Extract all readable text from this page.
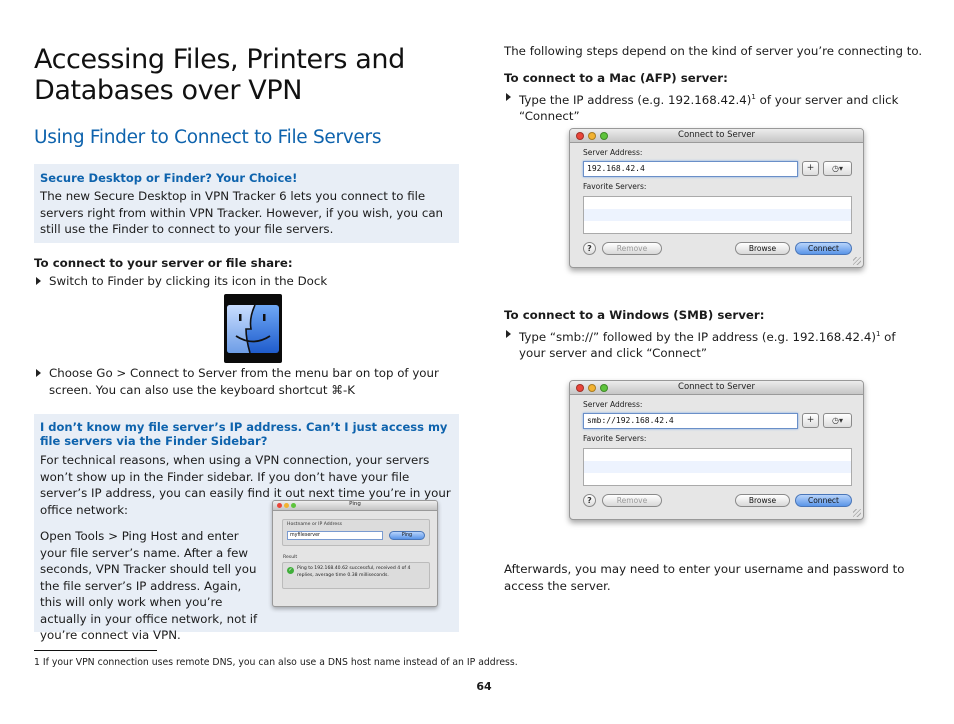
Accessing Files, Printers and Databases over VPN
Using Finder to Connect to File Servers
Secure Desktop or Finder? Your Choice!
The new Secure Desktop in VPN Tracker 6 lets you connect to file servers right from within VPN Tracker. However, if you wish, you can still use the Finder to connect to your file servers.
To connect to your server or file share:
Switch to Finder by clicking its icon in the Dock
Choose Go > Connect to Server from the menu bar on top of your screen. You can also use the keyboard shortcut ⌘-K
I don’t know my file server’s IP address. Can’t I just access my file servers via the Finder Sidebar?
For technical reasons, when using a VPN connection, your servers won’t show up in the Finder sidebar. If you don’t have your file server’s IP address, you can easily find it out next time you’re in your office network:
Open Tools > Ping Host and enter your file server’s name. After a few seconds, VPN Tracker should tell you the file server’s IP address. Again, this will only work when you’re actually in your office network, not if you’re connect via VPN.
Ping
Hostname or IP Address
myfileserver	Ping
Result
✓ Ping to 192.168.40.62 successful, received 4 of 4 replies, average time 0.38 milliseconds.
1 If your VPN connection uses remote DNS, you can also use a DNS host name instead of an IP address.
64
The following steps depend on the kind of server you’re connecting to.
To connect to a Mac (AFP) server:
Type the IP address (e.g. 192.168.42.4)$^1$ of your server and click “Connect”
Connect to Server
Server Address:
192.168.42.4	+	◷▾
Favorite Servers:
?	Remove	Browse	Connect
To connect to a Windows (SMB) server:
Type “smb://” followed by the IP address (e.g. 192.168.42.4)$^1$ of your server and click “Connect”
Connect to Server
Server Address:
smb://192.168.42.4	+	◷▾
Favorite Servers:
?	Remove	Browse	Connect
Afterwards, you may need to enter your username and password to access the server.
